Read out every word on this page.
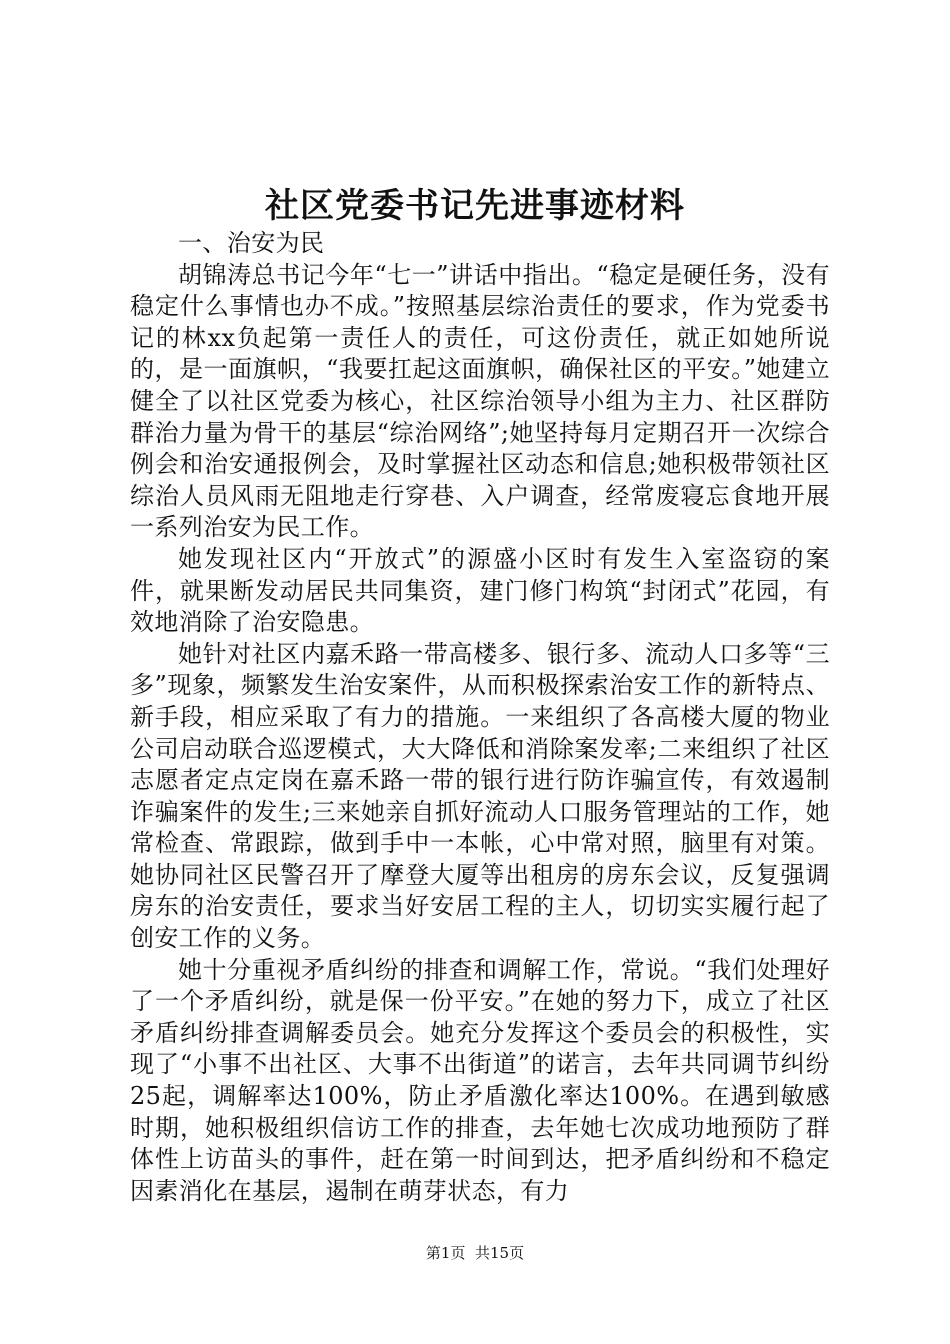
社区党委书记先进事迹材料

一、治安为民

胡锦涛总书记今年“七一”讲话中指出。“稳定是硬任务，没有稳定什么事情也办不成。”按照基层综治责任的要求，作为党委书记的林xx负起第一责任人的责任，可这份责任，就正如她所说的，是一面旗帜，“我要扛起这面旗帜，确保社区的平安。”她建立健全了以社区党委为核心，社区综治领导小组为主力、社区群防群治力量为骨干的基层“综治网络”;她坚持每月定期召开一次综合例会和治安通报例会，及时掌握社区动态和信息;她积极带领社区综治人员风雨无阻地走行穿巷、入户调查，经常废寝忘食地开展一系列治安为民工作。

她发现社区内“开放式”的源盛小区时有发生入室盗窃的案件，就果断发动居民共同集资，建门修门构筑“封闭式”花园，有效地消除了治安隐患。

她针对社区内嘉禾路一带高楼多、银行多、流动人口多等“三多”现象，频繁发生治安案件，从而积极探索治安工作的新特点、新手段，相应采取了有力的措施。一来组织了各高楼大厦的物业公司启动联合巡逻模式，大大降低和消除案发率;二来组织了社区志愿者定点定岗在嘉禾路一带的银行进行防诈骗宣传，有效遏制诈骗案件的发生;三来她亲自抓好流动人口服务管理站的工作，她常检查、常跟踪，做到手中一本帐，心中常对照，脑里有对策。她协同社区民警召开了摩登大厦等出租房的房东会议，反复强调房东的治安责任，要求当好安居工程的主人，切切实实履行起了创安工作的义务。

她十分重视矛盾纠纷的排查和调解工作，常说。“我们处理好了一个矛盾纠纷，就是保一份平安。”在她的努力下，成立了社区矛盾纠纷排查调解委员会。她充分发挥这个委员会的积极性，实现了“小事不出社区、大事不出街道”的诺言，去年共同调节纠纷25起，调解率达100%，防止矛盾激化率达100%。在遇到敏感时期，她积极组织信访工作的排查，去年她七次成功地预防了群体性上访苗头的事件，赶在第一时间到达，把矛盾纠纷和不稳定因素消化在基层，遏制在萌芽状态，有力

第1页  共15页
